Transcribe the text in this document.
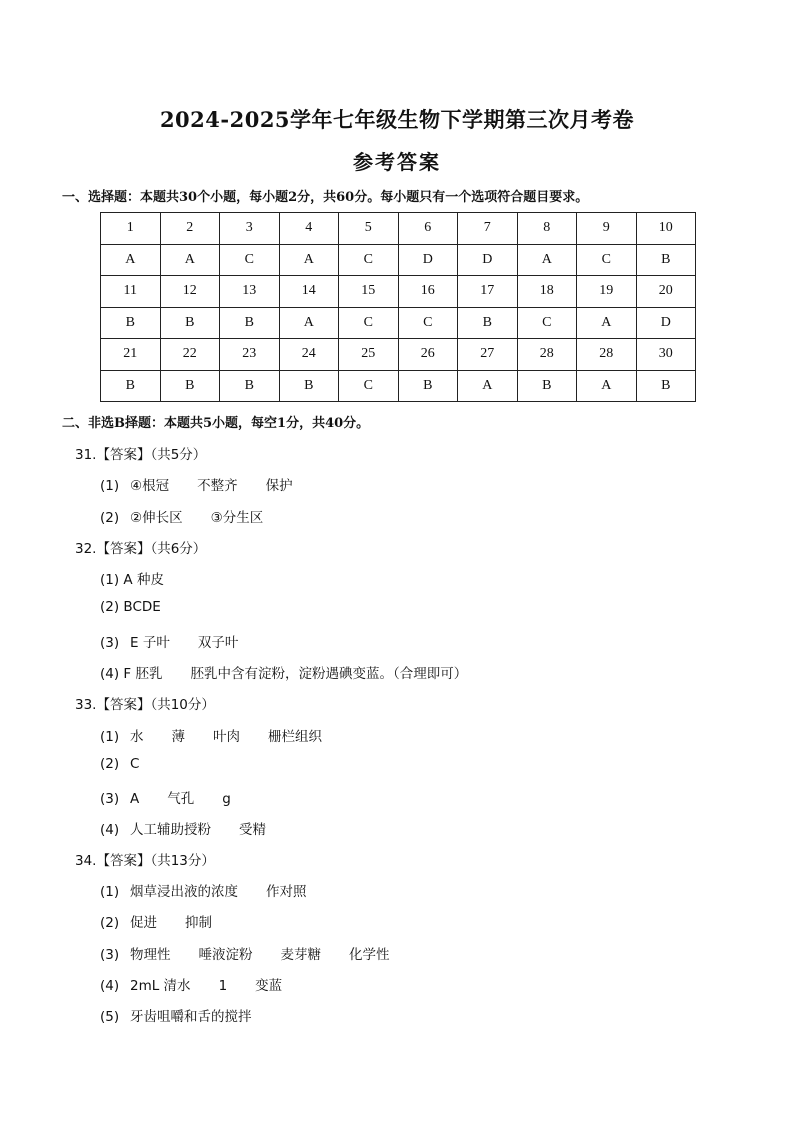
2024-2025学年七年级生物下学期第三次月考卷
参考答案
一、选择题：本题共30个小题，每小题2分，共60分。每小题只有一个选项符合题目要求。
1	2	3	4	5	6	7	8	9	10
A	A	C	A	C	D	D	A	C	B
11	12	13	14	15	16	17	18	19	20
B	B	B	A	C	C	B	C	A	D
21	22	23	24	25	26	27	28	28	30
B	B	B	B	C	B	A	B	A	B
二、非选B择题：本题共5小题，每空1分，共40分。
31.【答案】（共5分）
(1) ④根冠 不整齐 保护
(2) ②伸长区 ③分生区
32.【答案】（共6分）
(1) A 种皮
(2) BCDE
(3) E 子叶 双子叶
(4) F 胚乳 胚乳中含有淀粉，淀粉遇碘变蓝。（合理即可）
33.【答案】（共10分）
(1) 水 薄 叶肉 栅栏组织
(2) C
(3) A 气孔 g
(4) 人工辅助授粉 受精
34.【答案】（共13分）
(1) 烟草浸出液的浓度 作对照
(2) 促进 抑制
(3) 物理性 唾液淀粉 麦芽糖 化学性
(4) 2mL 清水 1 变蓝
(5) 牙齿咀嚼和舌的搅拌
